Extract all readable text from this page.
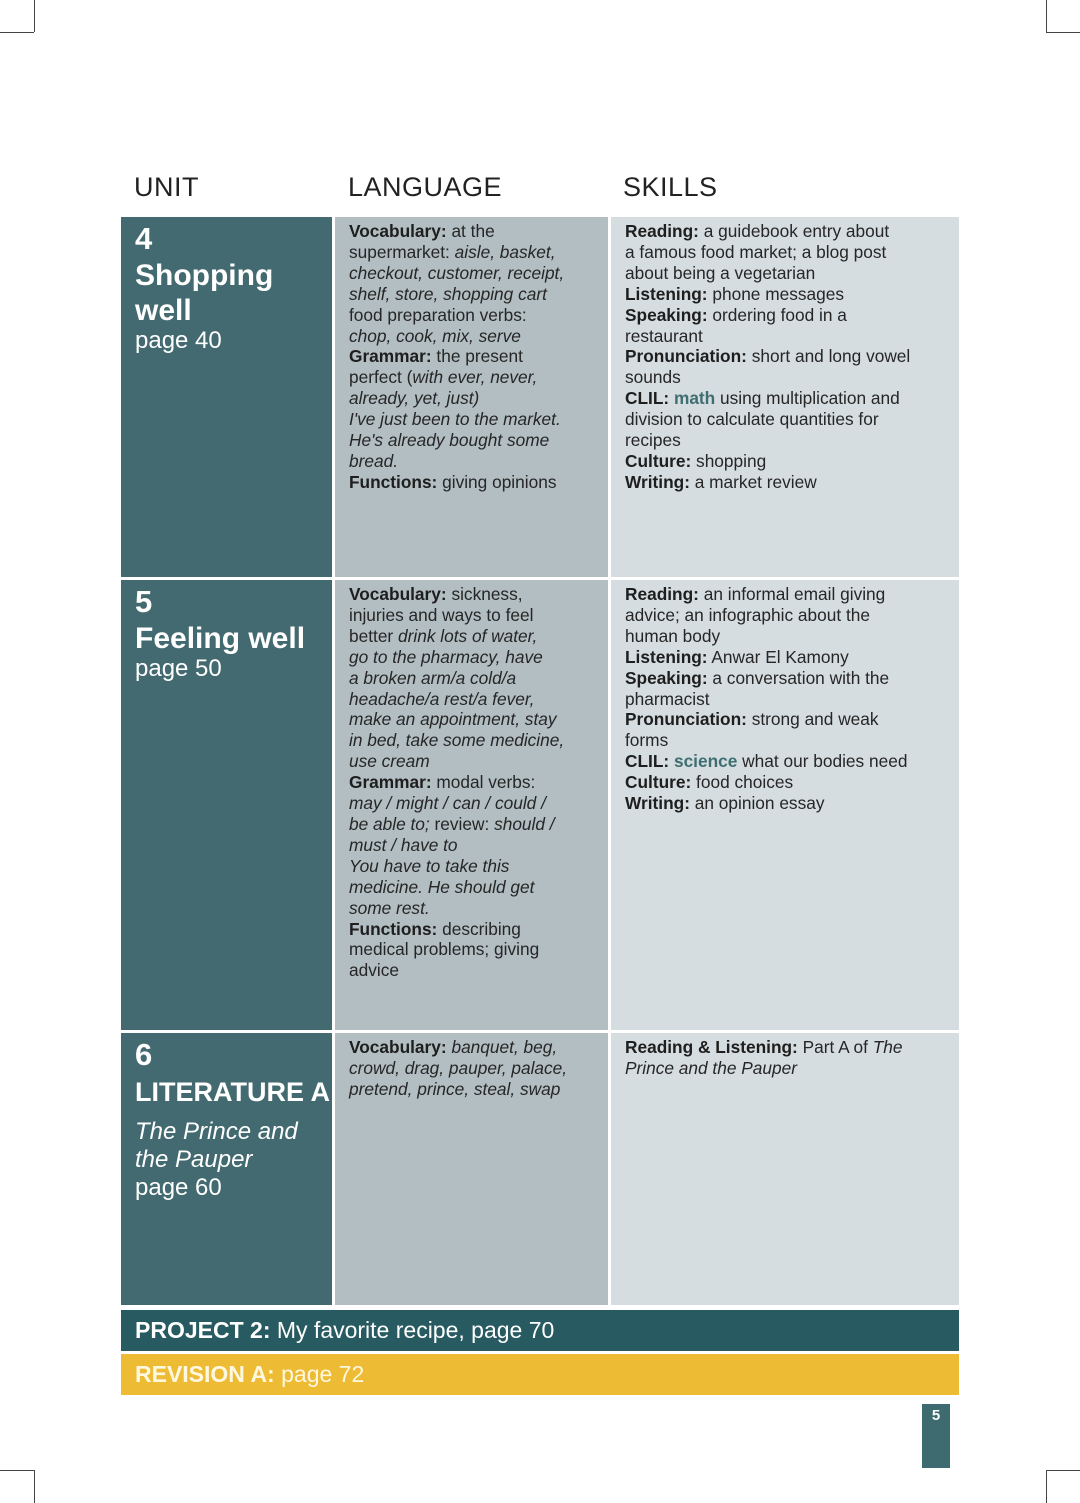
UNIT	LANGUAGE	SKILLS
4
Shopping
well
page 40
Vocabulary: at the
supermarket: aisle, basket,
checkout, customer, receipt,
shelf, store, shopping cart
food preparation verbs:
chop, cook, mix, serve
Grammar: the present
perfect (with ever, never,
already, yet, just)
I've just been to the market.
He's already bought some
bread.
Functions: giving opinions
Reading: a guidebook entry about
a famous food market; a blog post
about being a vegetarian
Listening: phone messages
Speaking: ordering food in a
restaurant
Pronunciation: short and long vowel
sounds
CLIL: math using multiplication and
division to calculate quantities for
recipes
Culture: shopping
Writing: a market review
5
Feeling well
page 50
Vocabulary: sickness,
injuries and ways to feel
better drink lots of water,
go to the pharmacy, have
a broken arm/a cold/a
headache/a rest/a fever,
make an appointment, stay
in bed, take some medicine,
use cream
Grammar: modal verbs:
may / might / can / could /
be able to; review: should /
must / have to
You have to take this
medicine. He should get
some rest.
Functions: describing
medical problems; giving
advice
Reading: an informal email giving
advice; an infographic about the
human body
Listening: Anwar El Kamony
Speaking: a conversation with the
pharmacist
Pronunciation: strong and weak
forms
CLIL: science what our bodies need
Culture: food choices
Writing: an opinion essay
6
LITERATURE A
The Prince and
the Pauper
page 60
Vocabulary: banquet, beg,
crowd, drag, pauper, palace,
pretend, prince, steal, swap
Reading & Listening: Part A of The
Prince and the Pauper
PROJECT 2: My favorite recipe, page 70
REVISION A: page 72
5
